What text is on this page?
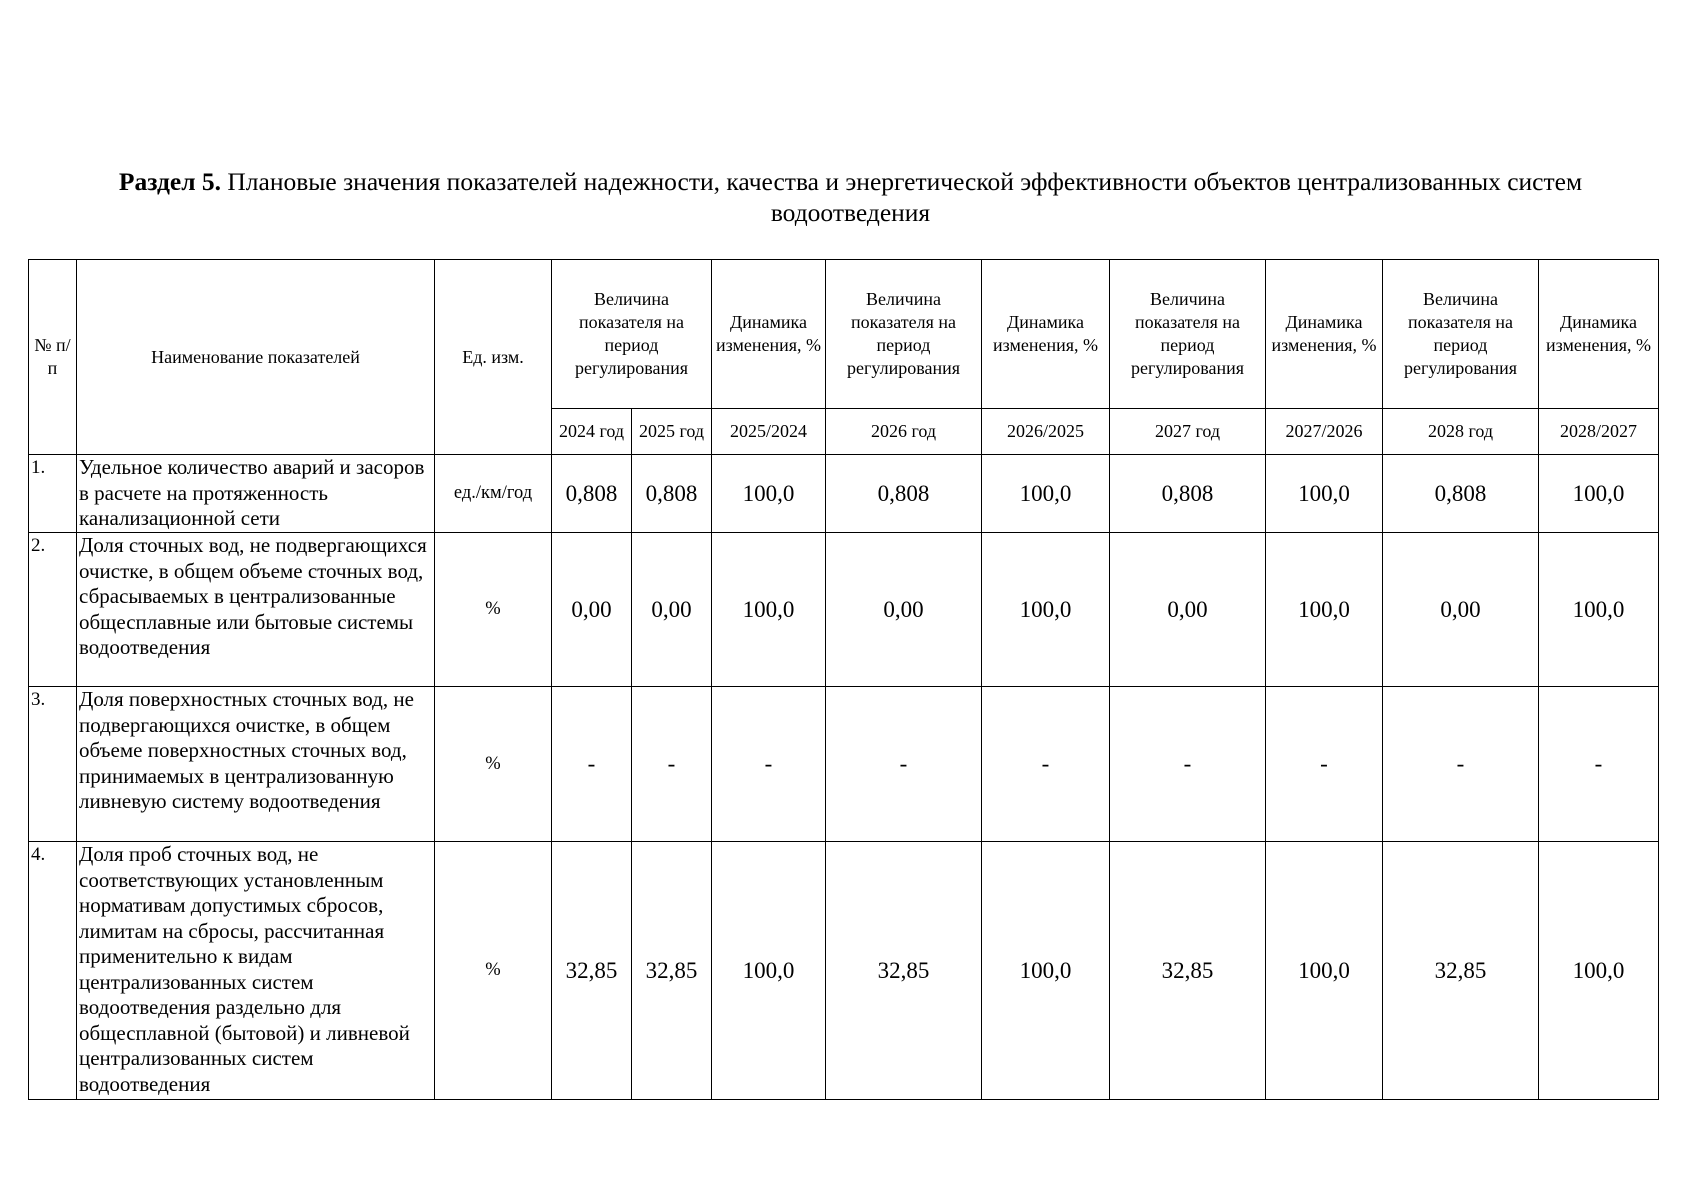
Раздел 5. Плановые значения показателей надежности, качества и энергетической эффективности объектов централизованных систем водоотведения
№ п/п	Наименование показателей	Ед. изм.	Величина показателя на период регулирования		Динамика изменения, %	Величина показателя на период регулирования	Динамика изменения, %	Величина показателя на период регулирования	Динамика изменения, %	Величина показателя на период регулирования	Динамика изменения, %
			2024 год	2025 год	2025/2024	2026 год	2026/2025	2027 год	2027/2026	2028 год	2028/2027
1.	Удельное количество аварий и засоров в расчете на протяженность канализационной сети	ед./км/год	0,808	0,808	100,0	0,808	100,0	0,808	100,0	0,808	100,0
2.	Доля сточных вод, не подвергающихся очистке, в общем объеме сточных вод, сбрасываемых в централизованные общесплавные или бытовые системы водоотведения	%	0,00	0,00	100,0	0,00	100,0	0,00	100,0	0,00	100,0
3.	Доля поверхностных сточных вод, не подвергающихся очистке, в общем объеме поверхностных сточных вод, принимаемых в централизованную ливневую систему водоотведения	%	-	-	-	-	-	-	-	-	-
4.	Доля проб сточных вод, не соответствующих установленным нормативам допустимых сбросов, лимитам на сбросы, рассчитанная применительно к видам централизованных систем водоотведения раздельно для общесплавной (бытовой) и ливневой централизованных систем водоотведения	%	32,85	32,85	100,0	32,85	100,0	32,85	100,0	32,85	100,0
